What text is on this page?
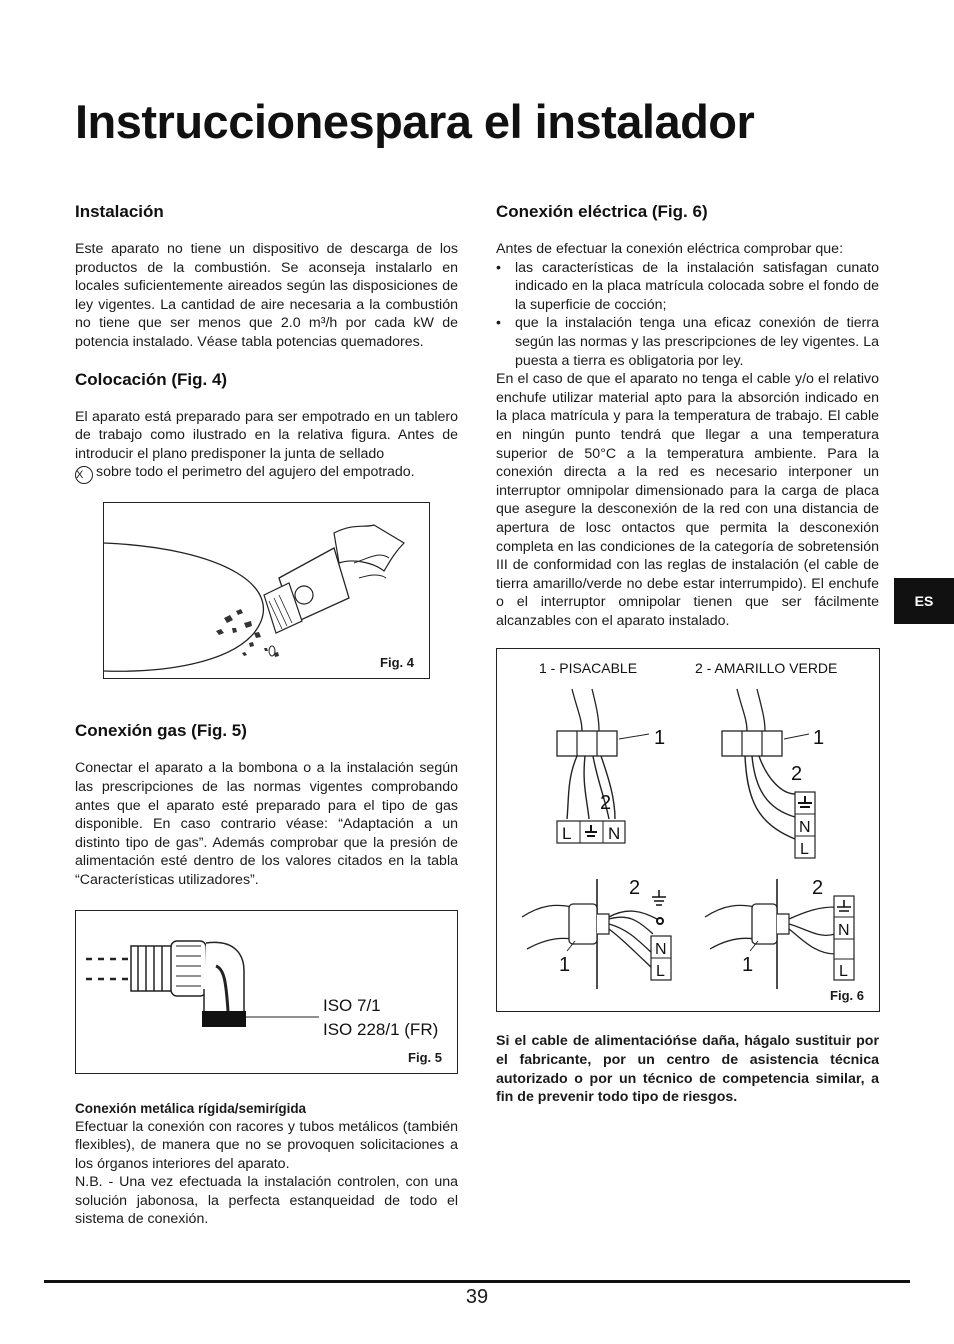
Instruccionespara el instalador
ES
Instalación

Este aparato no tiene un dispositivo de descarga de los productos de la combustión. Se aconseja instalarlo en locales suficientemente aireados según las disposiciones de ley vigentes. La cantidad de aire necesaria a la combustión no tiene que ser menos que 2.0 m³/h por cada kW de potencia instalado. Véase tabla potencias quemadores.

Colocación (Fig. 4)

El aparato está preparado para ser empotrado en un tablero de trabajo como ilustrado en la relativa figura. Antes de introducir el plano predisponer la junta de sellado
X sobre todo el perimetro del agujero del empotrado.

Fig. 4
Conexión gas (Fig. 5)

Conectar el aparato a la bombona o a la instalación según las prescripciones de las normas vigentes comprobando antes que el aparato esté preparado para el tipo de gas disponible. En caso contrario véase: “Adaptación a un distinto tipo de gas”. Además comprobar que la presión de alimentación esté dentro de los valores citados en la tabla “Características utilizadores”.

ISO 7/1
ISO 228/1 (FR)
Fig. 5
Conexión metálica rígida/semirígida

Efectuar la conexión con racores y tubos metálicos (también flexibles), de manera que no se provoquen solicitaciones a los órganos interiores del aparato.

N.B. - Una vez efectuada la instalación controlen, con una solución jabonosa, la perfecta estanqueidad de todo el sistema de conexión.

Conexión eléctrica (Fig. 6)

Antes de efectuar la conexión eléctrica comprobar que:

• las características de la instalación satisfagan cunato indicado en la placa matrícula colocada sobre el fondo de la superficie de cocción;
• que la instalación tenga una eficaz conexión de tierra según las normas y las prescripciones de ley vigentes. La puesta a tierra es obligatoria por ley.

En el caso de que el aparato no tenga el cable y/o el relativo enchufe utilizar material apto para la absorción indicado en la placa matrícula y para la temperatura de trabajo. El cable en ningún punto tendrá que llegar a una temperatura superior de 50°C a la temperatura ambiente. Para la conexión directa a la red es necesario interponer un interruptor omnipolar dimensionado para la carga de placa que asegure la desconexión de la red con una distancia de apertura de losc ontactos que permita la desconexión completa en las condiciones de la categoría de sobretensión III de conformidad con las reglas de instalación (el cable de tierra amarillo/verde no debe estar interrumpido). El enchufe o el interruptor omnipolar tienen que ser fácilmente alcanzables con el aparato instalado.

1 - PISACABLE	2 - AMARILLO VERDE
1
2
L N
1
2
N
L
2
N
L
1
2
N
L
1
Fig. 6

Si el cable de alimentacióńse daña, hágalo sustituir por el fabricante, por un centro de asistencia técnica autorizado o por un técnico de competencia similar, a fin de prevenir todo tipo de riesgos.

39
